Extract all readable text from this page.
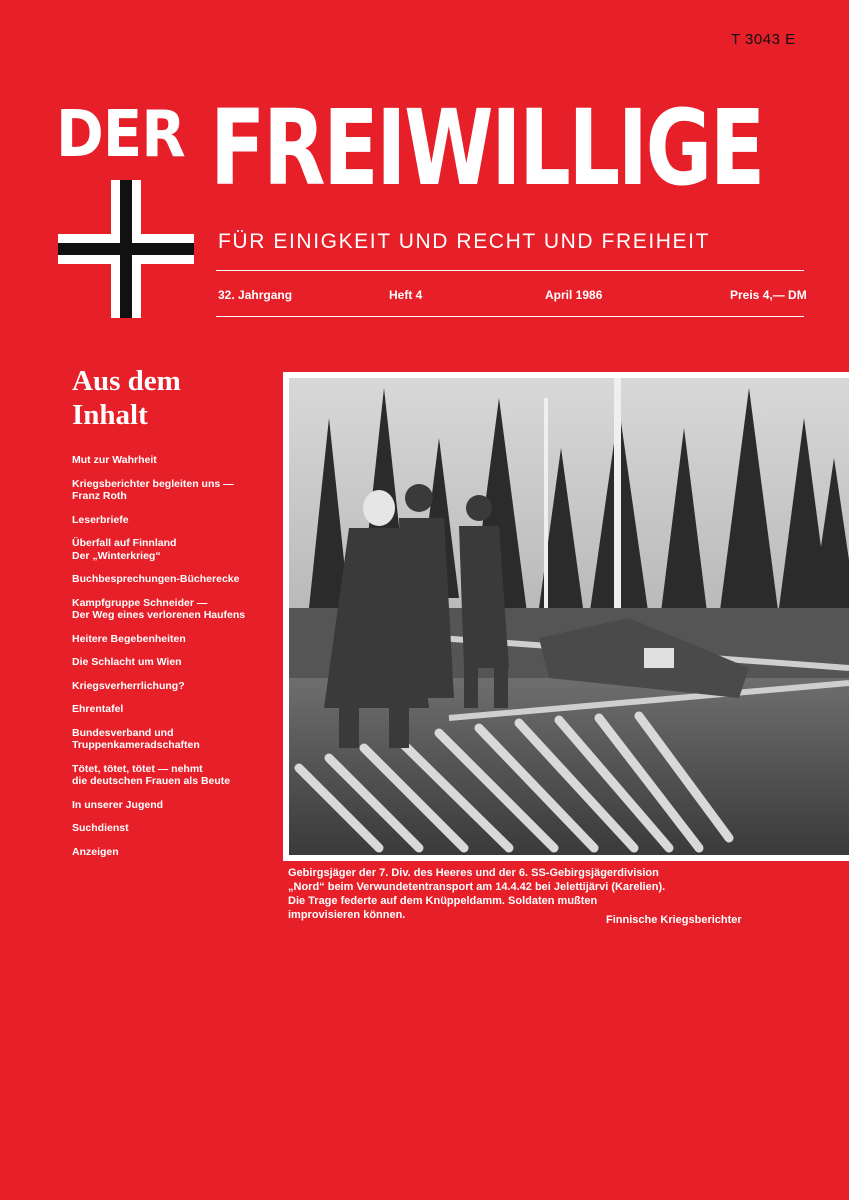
T 3043 E
DER FREIWILLIGE
FÜR EINIGKEIT UND RECHT UND FREIHEIT
32. Jahrgang	Heft 4	April 1986	Preis 4,— DM
Aus dem
Inhalt
Mut zur Wahrheit
Kriegsberichter begleiten uns —
Franz Roth
Leserbriefe
Überfall auf Finnland
Der „Winterkrieg“
Buchbesprechungen-Bücherecke
Kampfgruppe Schneider —
Der Weg eines verlorenen Haufens
Heitere Begebenheiten
Die Schlacht um Wien
Kriegsverherrlichung?
Ehrentafel
Bundesverband und
Truppenkameradschaften
Tötet, tötet, tötet — nehmt
die deutschen Frauen als Beute
In unserer Jugend
Suchdienst
Anzeigen
Gebirgsjäger der 7. Div. des Heeres und der 6. SS-Gebirgsjägerdivision
„Nord“ beim Verwundetentransport am 14.4.42 bei Jelettijärvi (Karelien).
Die Trage federte auf dem Knüppeldamm. Soldaten mußten
improvisieren können.	Finnische Kriegsberichter
